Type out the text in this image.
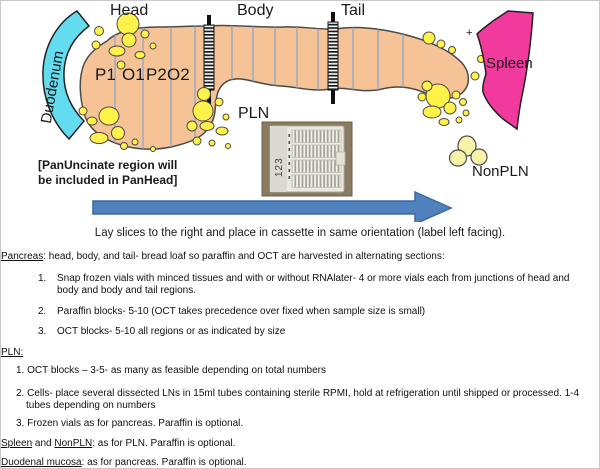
Duodenum
+
Spleen
NonPLN
Head	Body	Tail
P1 O1 P2 O2
PLN
[PanUncinate region will
be included in PanHead]
123
Lay slices to the right and place in cassette in same orientation (label left facing).

Pancreas: head, body, and tail- bread loaf so paraffin and OCT are harvested in alternating sections:

1.	Snap frozen vials with minced tissues and with or without RNAlater- 4 or more vials each from junctions of head and body and body and tail regions.
2.	Paraffin blocks- 5-10 (OCT takes precedence over fixed when sample size is small)
3.	OCT blocks- 5-10 all regions or as indicated by size

PLN:

1. OCT blocks – 3-5- as many as feasible depending on total numbers

2. Cells- place several dissected LNs in 15ml tubes containing sterile RPMI, hold at refrigeration until shipped or processed. 1-4 tubes depending on numbers

3. Frozen vials as for pancreas. Paraffin is optional.

Spleen and NonPLN: as for PLN. Paraffin is optional.

Duodenal mucosa: as for pancreas. Paraffin is optional.
